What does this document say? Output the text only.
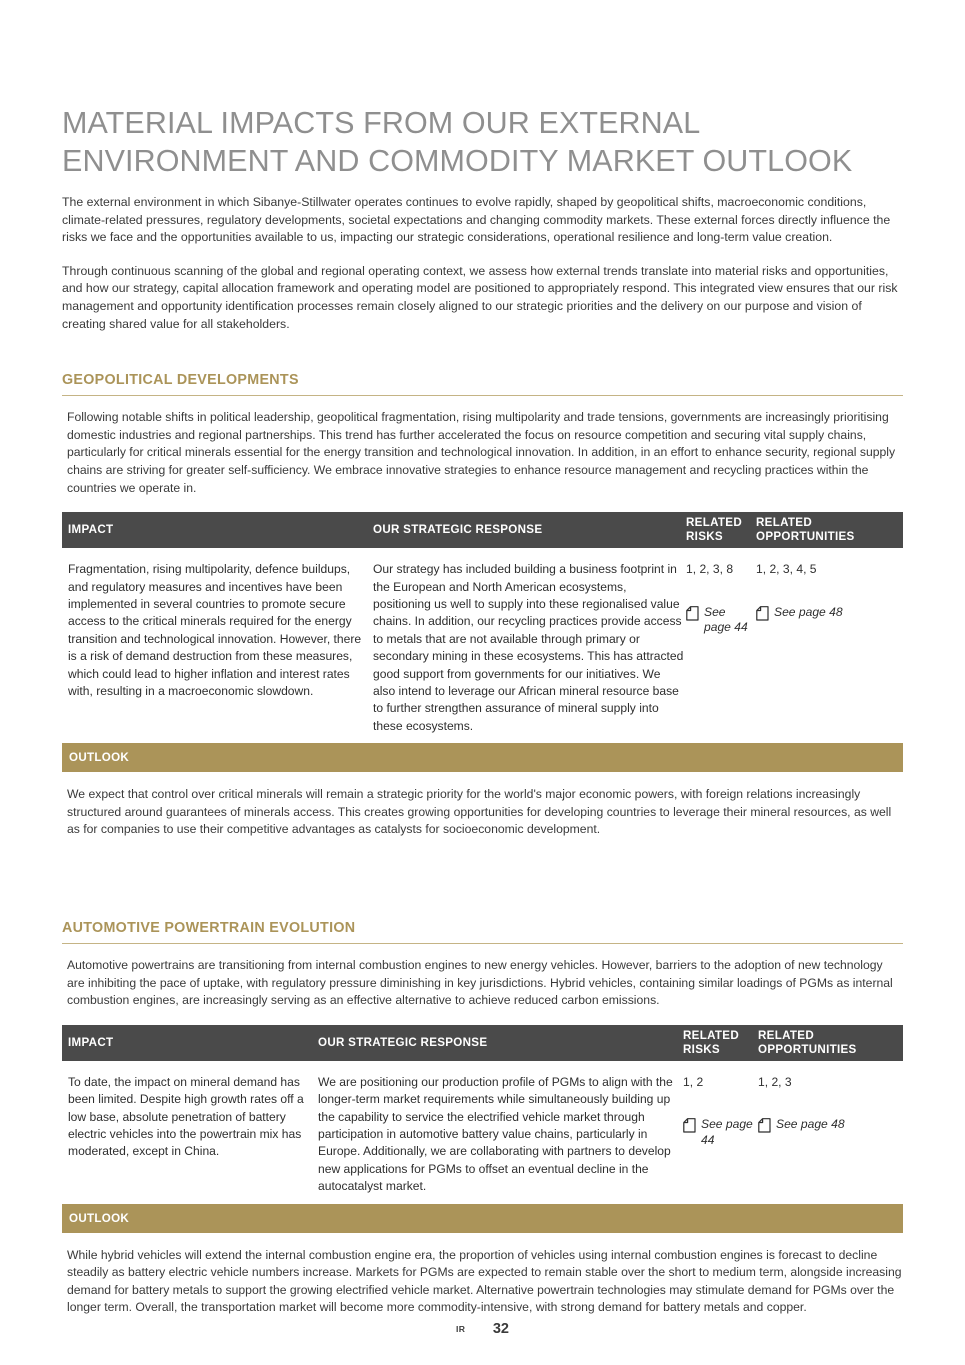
MATERIAL IMPACTS FROM OUR EXTERNAL
ENVIRONMENT AND COMMODITY MARKET OUTLOOK

The external environment in which Sibanye-Stillwater operates continues to evolve rapidly, shaped by geopolitical shifts, macroeconomic conditions, climate-related pressures, regulatory developments, societal expectations and changing commodity markets. These external forces directly influence the risks we face and the opportunities available to us, impacting our strategic considerations, operational resilience and long-term value creation.

Through continuous scanning of the global and regional operating context, we assess how external trends translate into material risks and opportunities, and how our strategy, capital allocation framework and operating model are positioned to appropriately respond. This integrated view ensures that our risk management and opportunity identification processes remain closely aligned to our strategic priorities and the delivery on our purpose and vision of creating shared value for all stakeholders.

GEOPOLITICAL DEVELOPMENTS

Following notable shifts in political leadership, geopolitical fragmentation, rising multipolarity and trade tensions, governments are increasingly prioritising domestic industries and regional partnerships. This trend has further accelerated the focus on resource competition and securing vital supply chains, particularly for critical minerals essential for the energy transition and technological innovation. In addition, in an effort to enhance security, regional supply chains are striving for greater self-sufficiency. We embrace innovative strategies to enhance resource management and recycling practices within the countries we operate in.

IMPACT	OUR STRATEGIC RESPONSE
RELATED
RISKS
RELATED
OPPORTUNITIES
Fragmentation, rising multipolarity, defence buildups, and regulatory measures and incentives have been implemented in several countries to promote secure access to the critical minerals required for the energy transition and technological innovation. However, there is a risk of demand destruction from these measures, which could lead to higher inflation and interest rates with, resulting in a macroeconomic slowdown.
Our strategy has included building a business footprint in the European and North American ecosystems, positioning us well to supply into these regionalised value chains. In addition, our recycling practices provide access to metals that are not available through primary or secondary mining in these ecosystems. This has attracted good support from governments for our initiatives. We also intend to leverage our African mineral resource base to further strengthen assurance of mineral supply into these ecosystems.
1, 2, 3, 8
See page 44
1, 2, 3, 4, 5
See page 48
OUTLOOK

We expect that control over critical minerals will remain a strategic priority for the world's major economic powers, with foreign relations increasingly structured around guarantees of minerals access. This creates growing opportunities for developing countries to leverage their mineral resources, as well as for companies to use their competitive advantages as catalysts for socioeconomic development.

AUTOMOTIVE POWERTRAIN EVOLUTION

Automotive powertrains are transitioning from internal combustion engines to new energy vehicles. However, barriers to the adoption of new technology are inhibiting the pace of uptake, with regulatory pressure diminishing in key jurisdictions. Hybrid vehicles, containing similar loadings of PGMs as internal combustion engines, are increasingly serving as an effective alternative to achieve reduced carbon emissions.

IMPACT	OUR STRATEGIC RESPONSE
RELATED
RISKS
RELATED
OPPORTUNITIES
To date, the impact on mineral demand has been limited. Despite high growth rates off a low base, absolute penetration of battery electric vehicles into the powertrain mix has moderated, except in China.
We are positioning our production profile of PGMs to align with the longer-term market requirements while simultaneously building up the capability to service the electrified vehicle market through participation in automotive battery value chains, particularly in Europe. Additionally, we are collaborating with partners to develop new applications for PGMs to offset an eventual decline in the autocatalyst market.
1, 2
See page 44
1, 2, 3
See page 48
OUTLOOK

While hybrid vehicles will extend the internal combustion engine era, the proportion of vehicles using internal combustion engines is forecast to decline steadily as battery electric vehicle numbers increase. Markets for PGMs are expected to remain stable over the short to medium term, alongside increasing demand for battery metals to support the growing electrified vehicle market. Alternative powertrain technologies may stimulate demand for PGMs over the longer term. Overall, the transportation market will become more commodity-intensive, with strong demand for battery metals and copper.

IR 32
